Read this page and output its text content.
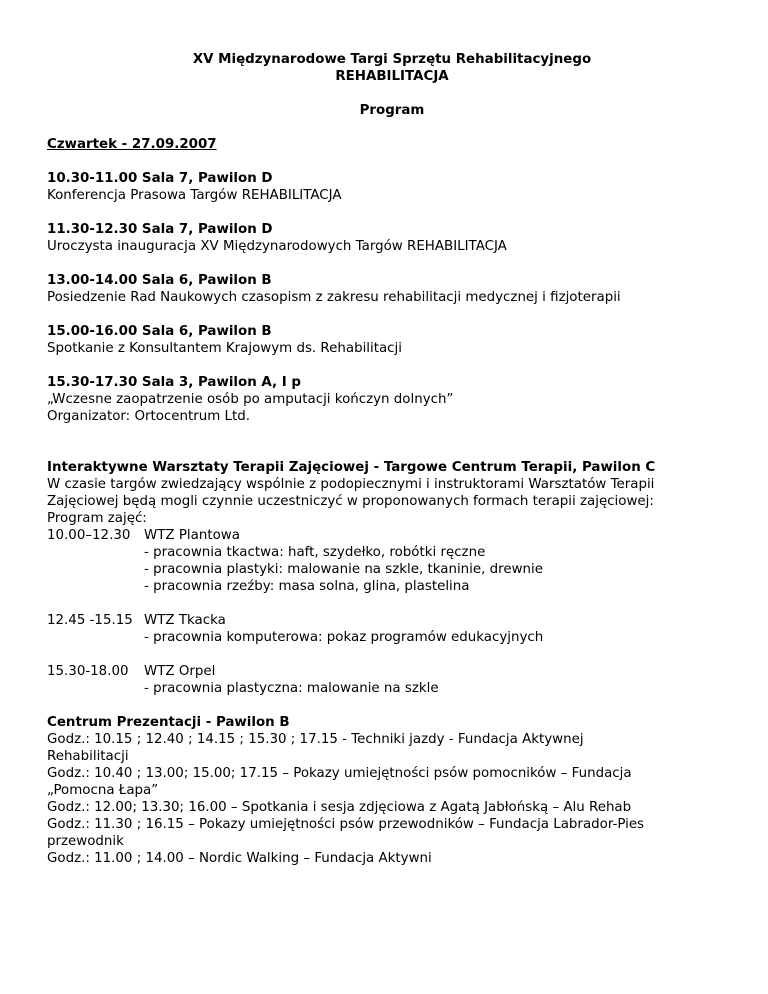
XV Międzynarodowe Targi Sprzętu Rehabilitacyjnego

REHABILITACJA

Program

Czwartek - 27.09.2007

10.30-11.00 Sala 7, Pawilon D

Konferencja Prasowa Targów REHABILITACJA

11.30-12.30 Sala 7, Pawilon D

Uroczysta inauguracja XV Międzynarodowych Targów REHABILITACJA

13.00-14.00 Sala 6, Pawilon B

Posiedzenie Rad Naukowych czasopism z zakresu rehabilitacji medycznej i fizjoterapii

15.00-16.00 Sala 6, Pawilon B

Spotkanie z Konsultantem Krajowym ds. Rehabilitacji

15.30-17.30 Sala 3, Pawilon A, I p

„Wczesne zaopatrzenie osób po amputacji kończyn dolnych”

Organizator: Ortocentrum Ltd.

Interaktywne Warsztaty Terapii Zajęciowej - Targowe Centrum Terapii, Pawilon C

W czasie targów zwiedzający wspólnie z podopiecznymi i instruktorami Warsztatów Terapii

Zajęciowej będą mogli czynnie uczestniczyć w proponowanych formach terapii zajęciowej:

Program zajęć:

10.00–12.30	WTZ Plantowa

- pracownia tkactwa: haft, szydełko, robótki ręczne

- pracownia plastyki: malowanie na szkle, tkaninie, drewnie

- pracownia rzeźby: masa solna, glina, plastelina

12.45 -15.15 WTZ Tkacka

- pracownia komputerowa: pokaz programów edukacyjnych

15.30-18.00	WTZ Orpel

- pracownia plastyczna: malowanie na szkle

Centrum Prezentacji - Pawilon B

Godz.: 10.15 ; 12.40 ; 14.15 ; 15.30 ; 17.15 - Techniki jazdy - Fundacja Aktywnej

Rehabilitacji

Godz.: 10.40 ; 13.00; 15.00; 17.15 – Pokazy umiejętności psów pomocników – Fundacja

„Pomocna Łapa”

Godz.: 12.00; 13.30; 16.00 – Spotkania i sesja zdjęciowa z Agatą Jabłońską – Alu Rehab

Godz.: 11.30 ; 16.15 – Pokazy umiejętności psów przewodników – Fundacja Labrador-Pies

przewodnik

Godz.: 11.00 ; 14.00 – Nordic Walking – Fundacja Aktywni
